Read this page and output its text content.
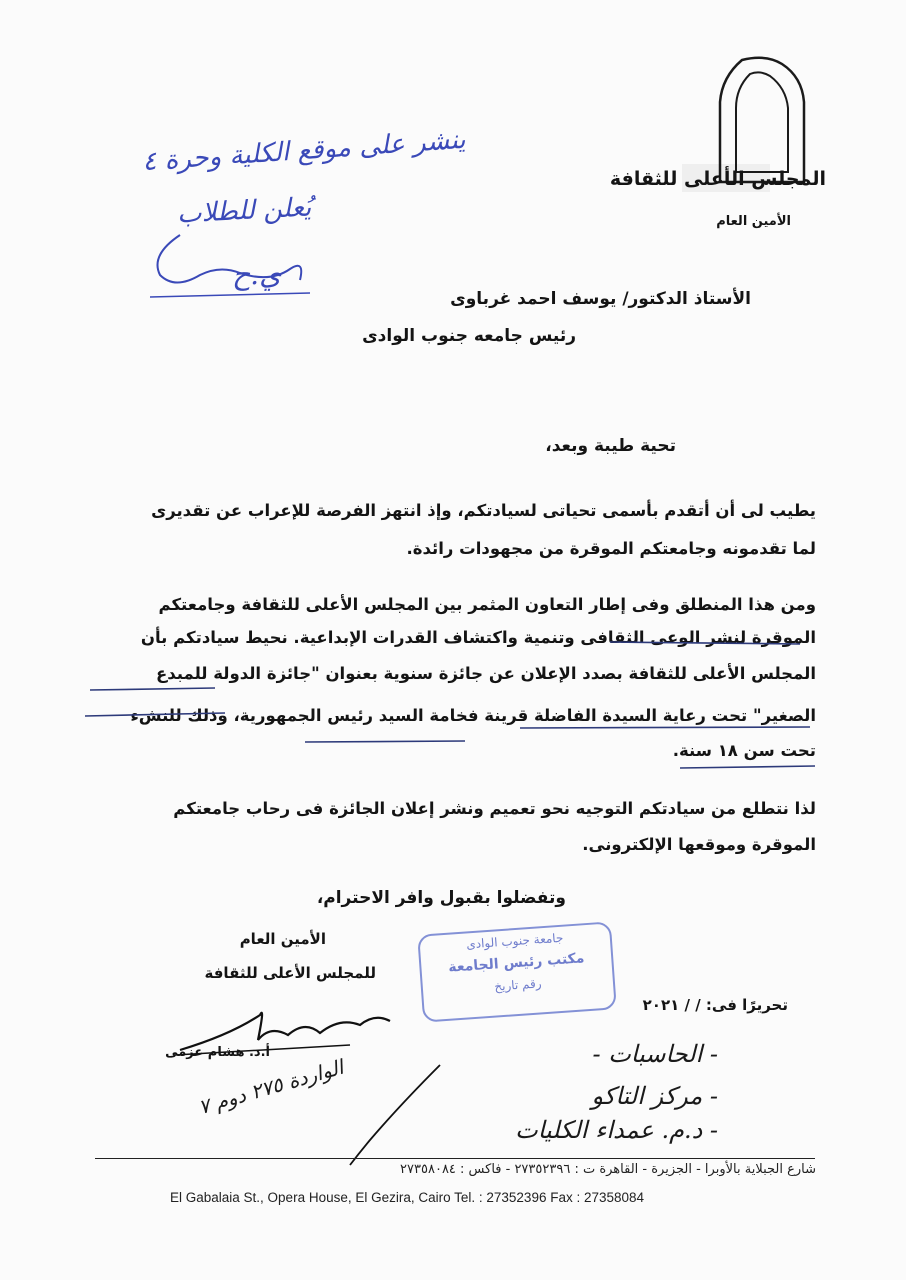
المجلس الأعلى للثقافة
الأمين العام
ينشر على موقع الكلية وحرة ٤
يُعلن للطلاب
ي.ح
الأستاذ الدكتور/ يوسف احمد غرباوى
رئيس جامعه جنوب الوادى
تحية طيبة وبعد،
يطيب لى أن أتقدم بأسمى تحياتى لسيادتكم، وإذ انتهز الفرصة للإعراب عن تقديرى
لما تقدمونه وجامعتكم الموقرة من مجهودات رائدة.
ومن هذا المنطلق وفى إطار التعاون المثمر بين المجلس الأعلى للثقافة وجامعتكم
الموقرة لنشر الوعى الثقافى وتنمية واكتشاف القدرات الإبداعية. نحيط سيادتكم بأن
المجلس الأعلى للثقافة بصدد الإعلان عن جائزة سنوية بعنوان "جائزة الدولة للمبدع
الصغير" تحت رعاية السيدة الفاضلة قرينة فخامة السيد رئيس الجمهورية، وذلك للنشء
تحت سن ١٨ سنة.
لذا نتطلع من سيادتكم التوجيه نحو تعميم ونشر إعلان الجائزة فى رحاب جامعتكم
الموقرة وموقعها الإلكترونى.
وتفضلوا بقبول وافر الاحترام،
الأمين العام
للمجلس الأعلى للثقافة
تحريرًا فى: / / ٢٠٢١
أ.د. هشام عزمى
جامعة جنوب الوادى
مكتب رئيس الجامعة
رقم تاريخ
الواردة ٢٧٥ دوم ٧
- الحاسبات -
- مركز التاكو
- د.م. عمداء الكليات
شارع الجبلاية بالأوبرا - الجزيرة - القاهرة ت : ٢٧٣٥٢٣٩٦ - فاكس : ٢٧٣٥٨٠٨٤
El Gabalaia St., Opera House, El Gezira, Cairo Tel. : 27352396 Fax : 27358084
